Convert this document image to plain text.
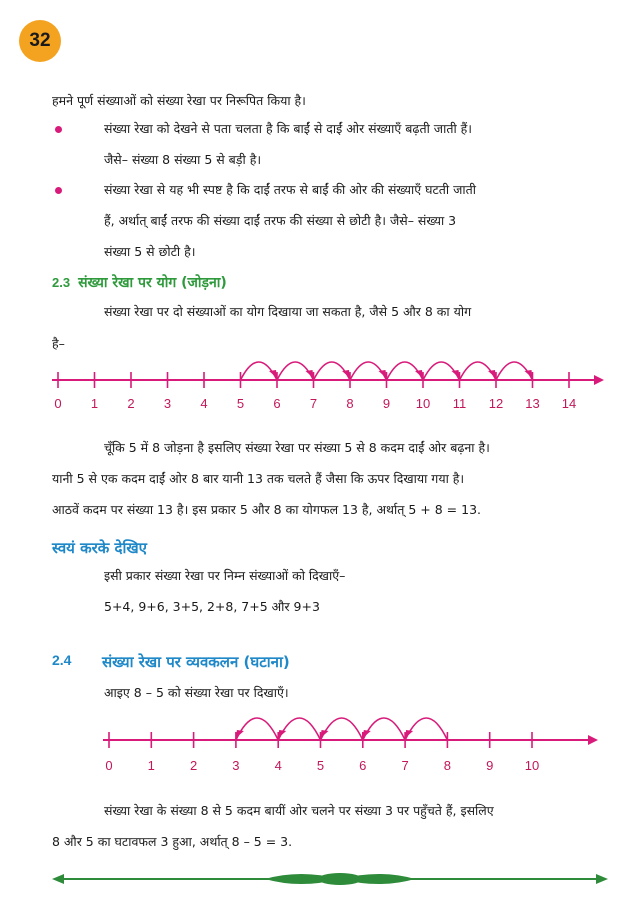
32
हमने पूर्ण संख्याओं को संख्या रेखा पर निरूपित किया है।
संख्या रेखा को देखने से पता चलता है कि बाईं से दाईं ओर संख्याएँ बढ़ती जाती हैं।
जैसे– संख्या 8 संख्या 5 से बड़ी है।
संख्या रेखा से यह भी स्पष्ट है कि दाईं तरफ से बाईं की ओर की संख्याएँ घटती जाती
हैं, अर्थात् बाईं तरफ की संख्या दाईं तरफ की संख्या से छोटी है। जैसे– संख्या 3
संख्या 5 से छोटी है।
2.3 संख्या रेखा पर योग (जोड़ना)
संख्या रेखा पर दो संख्याओं का योग दिखाया जा सकता है, जैसे 5 और 8 का योग
है–
0 1 2 3 4 5 6 7 8 9 10 11 12 13 14
चूँकि 5 में 8 जोड़ना है इसलिए संख्या रेखा पर संख्या 5 से 8 कदम दाईं ओर बढ़ना है।
यानी 5 से एक कदम दाईं ओर 8 बार यानी 13 तक चलते हैं जैसा कि ऊपर दिखाया गया है।
आठवें कदम पर संख्या 13 है। इस प्रकार 5 और 8 का योगफल 13 है, अर्थात् 5 + 8 = 13.
स्वयं करके देखिए
इसी प्रकार संख्या रेखा पर निम्न संख्याओं को दिखाएँ–
5+4, 9+6, 3+5, 2+8, 7+5 और 9+3
2.4 संख्या रेखा पर व्यवकलन (घटाना)
आइए 8 – 5 को संख्या रेखा पर दिखाएँ।
0	1	2	3	4	5	6	7	8	9 10
संख्या रेखा के संख्या 8 से 5 कदम बायीं ओर चलने पर संख्या 3 पर पहुँचते हैं, इसलिए
8 और 5 का घटावफल 3 हुआ, अर्थात् 8 – 5 = 3.
